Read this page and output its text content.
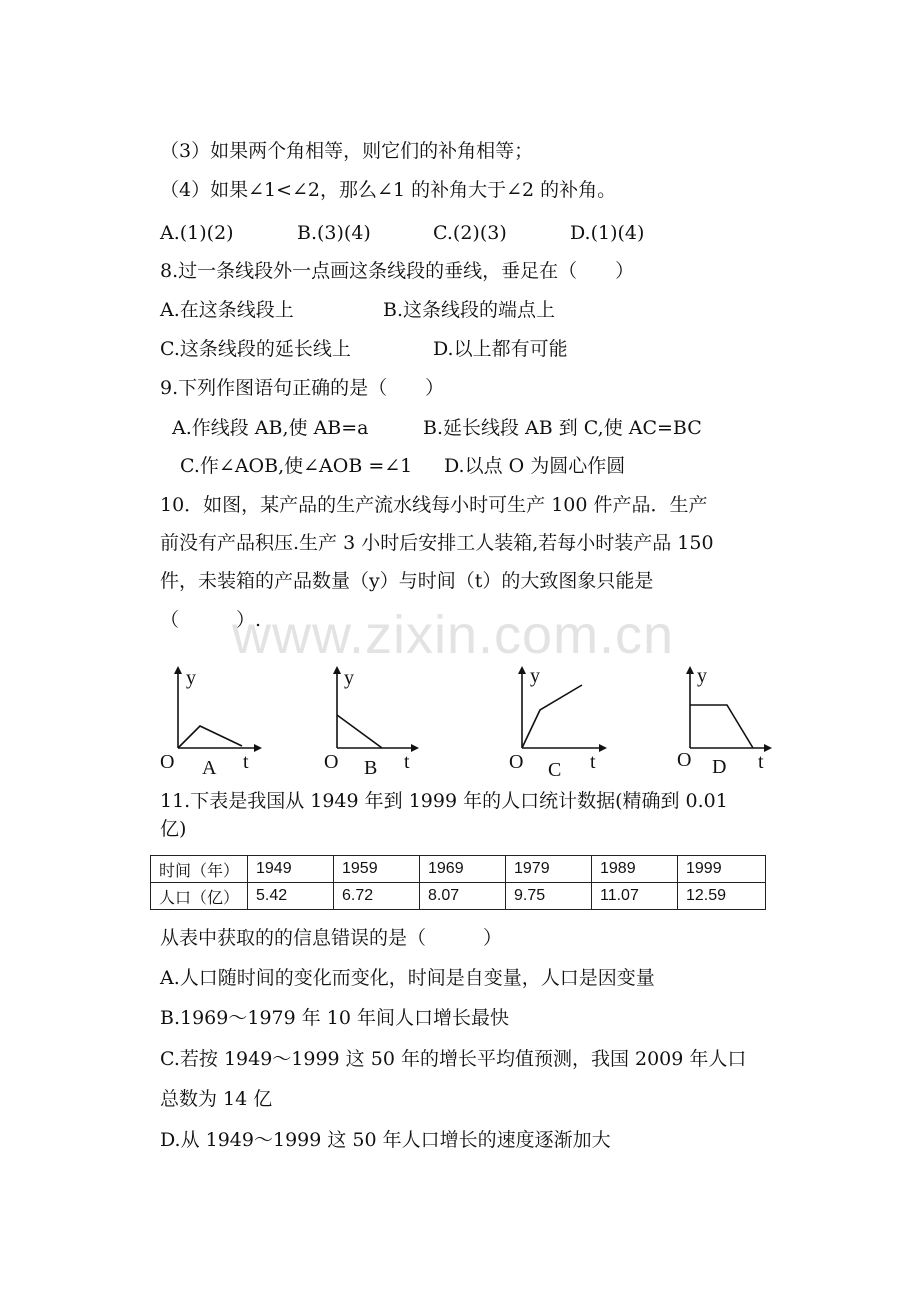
www.zixin.com.cn
（3）如果两个角相等，则它们的补角相等；
（4）如果∠1<∠2，那么∠1 的补角大于∠2 的补角。
A.(1)(2)	B.(3)(4)	C.(2)(3)	D.(1)(4)
8.过一条线段外一点画这条线段的垂线，垂足在（　　）
A.在这条线段上	B.这条线段的端点上
C.这条线段的延长线上	D.以上都有可能
9.下列作图语句正确的是（　　）
A.作线段 AB,使 AB=a	B.延长线段 AB 到 C,使 AC=BC
C.作∠AOB,使∠AOB =∠1 D.以点 O 为圆心作圆
10．如图，某产品的生产流水线每小时可生产 100 件产品．生产
前没有产品积压.生产 3 小时后安排工人装箱,若每小时装产品 150
件，未装箱的产品数量（y）与时间（t）的大致图象只能是
（　　　）.
y
O A t
y
O B t
y
O C t
y
O D t
11.下表是我国从 1949 年到 1999 年的人口统计数据(精确到 0.01
亿)
时间（年）	1949	1959	1969	1979	1989	1999
人口（亿）	5.42	6.72	8.07	9.75	11.07	12.59
从表中获取的的信息错误的是（　　　）
A.人口随时间的变化而变化，时间是自变量，人口是因变量
B.1969～1979 年 10 年间人口增长最快
C.若按 1949～1999 这 50 年的增长平均值预测，我国 2009 年人口
总数为 14 亿
D.从 1949～1999 这 50 年人口增长的速度逐渐加大
